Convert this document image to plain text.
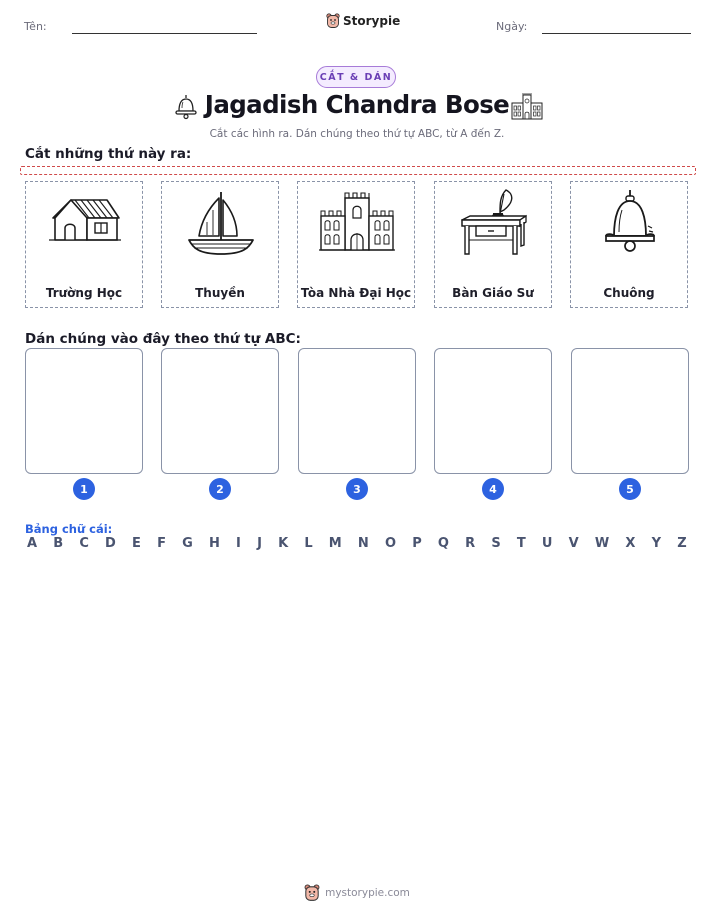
Tên:	Storypie	Ngày:
CẮT & DÁN
Jagadish Chandra Bose
Cắt các hình ra. Dán chúng theo thứ tự ABC, từ A đến Z.
Cắt những thứ này ra:
Trường Học	Thuyền	Tòa Nhà Đại Học	Bàn Giáo Sư	Chuông
Dán chúng vào đây theo thứ tự ABC:
1	2	3	4	5
Bảng chữ cái:
A B C D E F G H I J K L M N O P Q R S T U V W X Y Z
mystorypie.com
